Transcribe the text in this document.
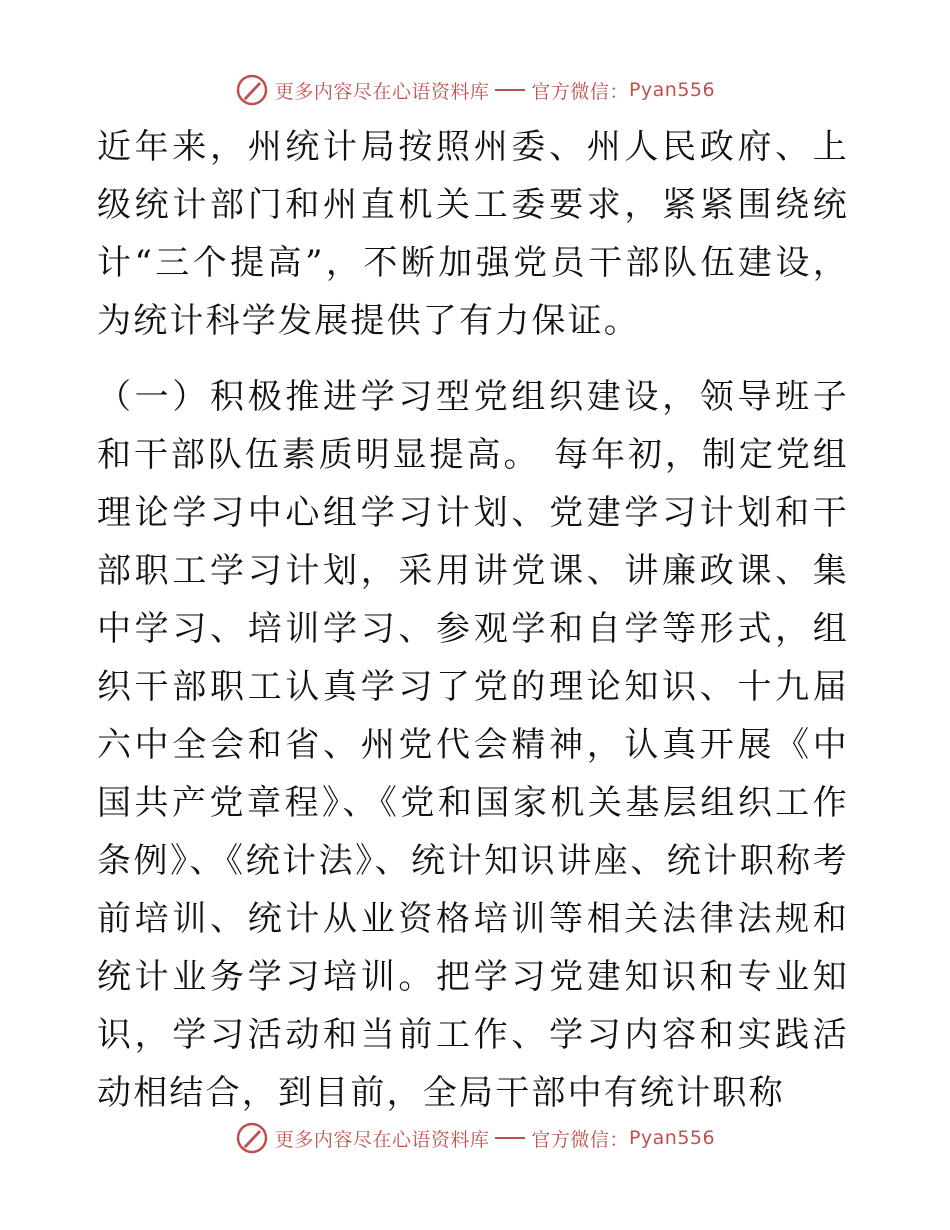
更多内容尽在心语资料库 官方微信： Pyan556

近年来，州统计局按照州委、州人民政府、上级统计部门和州直机关工委要求，紧紧围绕统计“三个提高”，不断加强党员干部队伍建设，为统计科学发展提供了有力保证。

（一）积极推进学习型党组织建设，领导班子和干部队伍素质明显提高。 每年初，制定党组理论学习中心组学习计划、党建学习计划和干部职工学习计划，采用讲党课、讲廉政课、集中学习、培训学习、参观学和自学等形式，组织干部职工认真学习了党的理论知识、十九届六中全会和省、州党代会精神，认真开展《中国共产党章程》、《党和国家机关基层组织工作条例》、《统计法》、统计知识讲座、统计职称考前培训、统计从业资格培训等相关法律法规和统计业务学习培训。把学习党建知识和专业知识，学习活动和当前工作、学习内容和实践活动相结合，到目前，全局干部中有统计职称

更多内容尽在心语资料库 官方微信： Pyan556
